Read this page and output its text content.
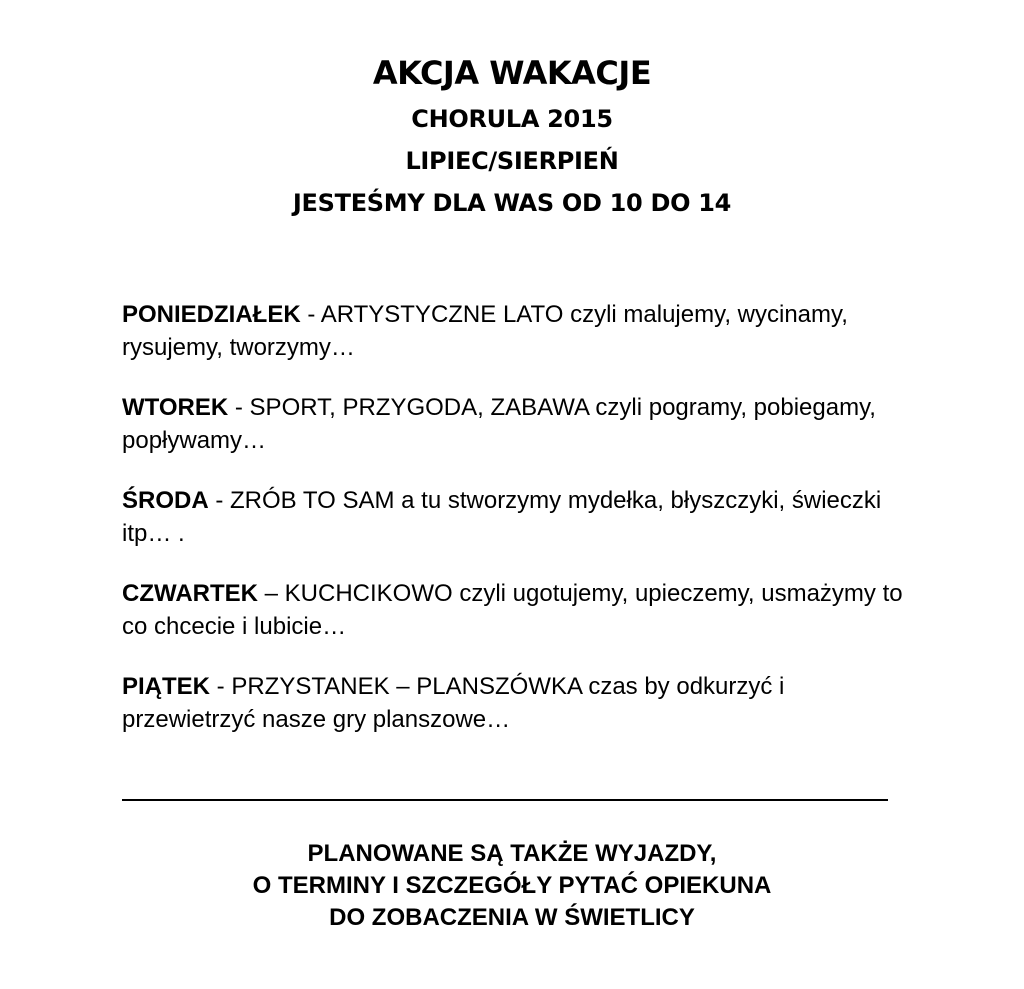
AKCJA WAKACJE

CHORULA 2015

LIPIEC/SIERPIEŃ

JESTEŚMY DLA WAS OD 10 DO 14

PONIEDZIAŁEK - ARTYSTYCZNE LATO czyli malujemy, wycinamy, rysujemy, tworzymy…

WTOREK - SPORT, PRZYGODA, ZABAWA czyli pogramy, pobiegamy, popływamy…

ŚRODA - ZRÓB TO SAM a tu stworzymy mydełka, błyszczyki, świeczki itp… .

CZWARTEK – KUCHCIKOWO czyli ugotujemy, upieczemy, usmażymy to co chcecie i lubicie…

PIĄTEK - PRZYSTANEK – PLANSZÓWKA czas by odkurzyć i przewietrzyć nasze gry planszowe…

PLANOWANE SĄ TAKŻE WYJAZDY,
O TERMINY I SZCZEGÓŁY PYTAĆ OPIEKUNA
DO ZOBACZENIA W ŚWIETLICY
